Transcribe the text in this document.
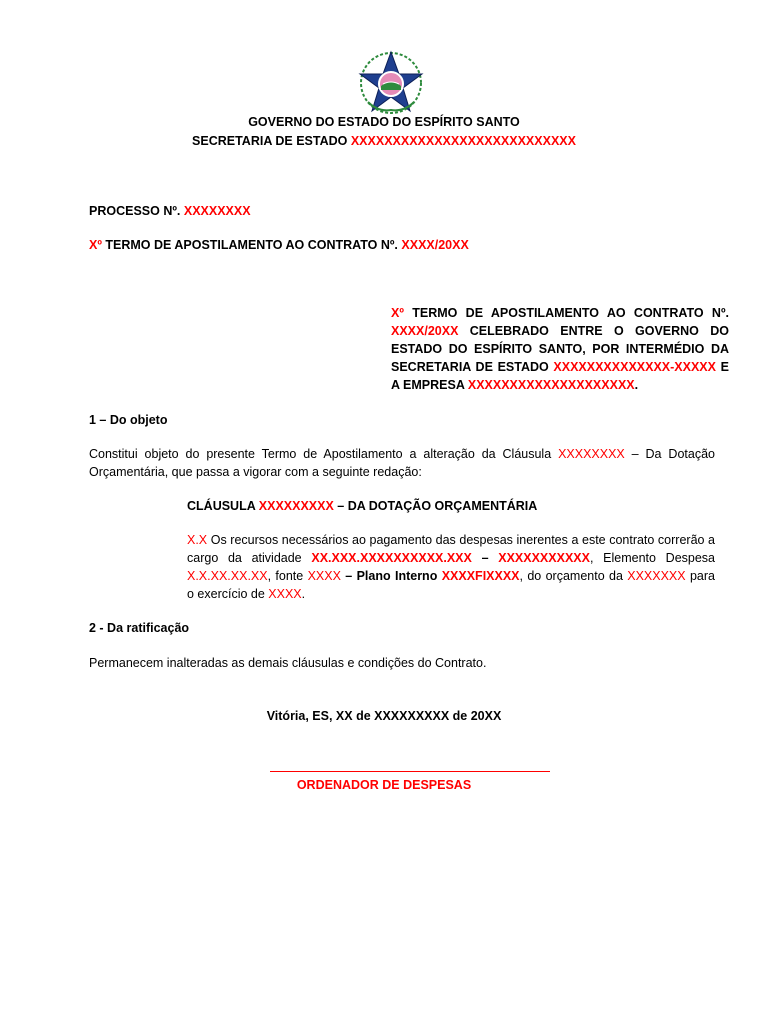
GOVERNO DO ESTADO DO ESPÍRITO SANTO
SECRETARIA DE ESTADO XXXXXXXXXXXXXXXXXXXXXXXXXXX
PROCESSO Nº. XXXXXXXX
Xº TERMO DE APOSTILAMENTO AO CONTRATO Nº. XXXX/20XX
Xº TERMO DE APOSTILAMENTO AO CONTRATO Nº. XXXX/20XX CELEBRADO ENTRE O GOVERNO DO ESTADO DO ESPÍRITO SANTO, POR INTERMÉDIO DA SECRETARIA DE ESTADO XXXXXXXXXXXXXX-XXXXX E A EMPRESA XXXXXXXXXXXXXXXXXXXX.
1 – Do objeto
Constitui objeto do presente Termo de Apostilamento a alteração da Cláusula XXXXXXXX – Da Dotação Orçamentária, que passa a vigorar com a seguinte redação:
CLÁUSULA XXXXXXXXX – DA DOTAÇÃO ORÇAMENTÁRIA
X.X Os recursos necessários ao pagamento das despesas inerentes a este contrato correrão a cargo da atividade XX.XXX.XXXXXXXXXX.XXX – XXXXXXXXXXX, Elemento Despesa X.X.XX.XX.XX, fonte XXXX – Plano Interno XXXXFIXXXX, do orçamento da XXXXXXX para o exercício de XXXX.
2 - Da ratificação
Permanecem inalteradas as demais cláusulas e condições do Contrato.
Vitória, ES, XX de XXXXXXXXX de 20XX
ORDENADOR DE DESPESAS
